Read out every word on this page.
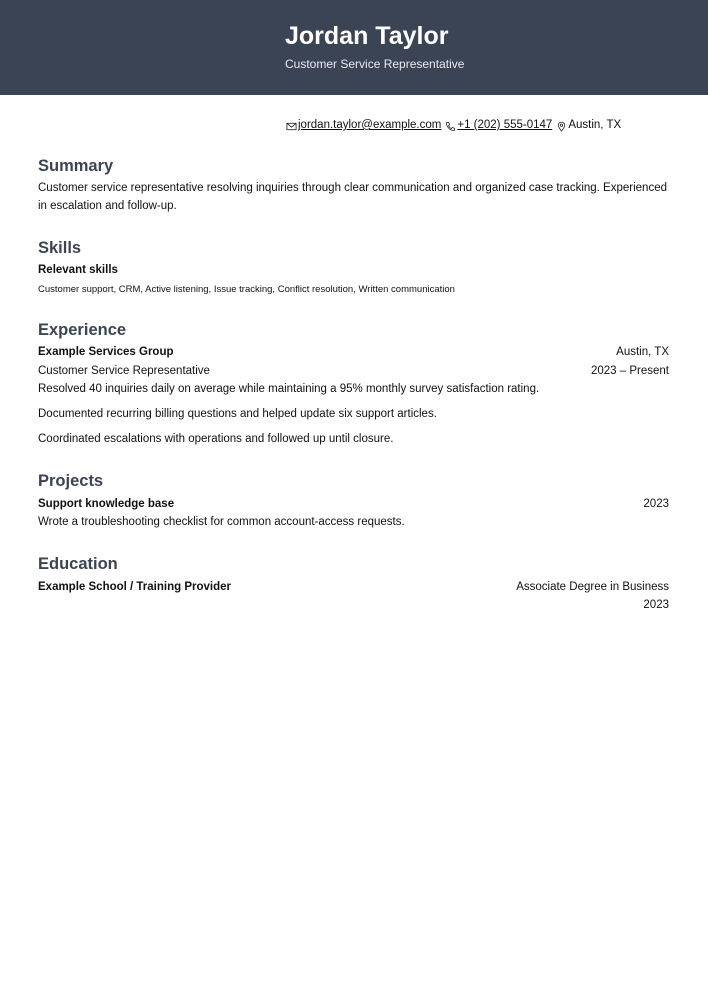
Jordan Taylor
Customer Service Representative
jordan.taylor@example.com +1 (202) 555-0147 Austin, TX
Summary
Customer service representative resolving inquiries through clear communication and organized case tracking. Experienced in escalation and follow-up.
Skills
Relevant skills
Customer support, CRM, Active listening, Issue tracking, Conflict resolution, Written communication
Experience
Example Services Group	Austin, TX
Customer Service Representative	2023 – Present
Resolved 40 inquiries daily on average while maintaining a 95% monthly survey satisfaction rating.
Documented recurring billing questions and helped update six support articles.
Coordinated escalations with operations and followed up until closure.
Projects
Support knowledge base	2023
Wrote a troubleshooting checklist for common account-access requests.
Education
Example School / Training Provider	Associate Degree in Business
2023
